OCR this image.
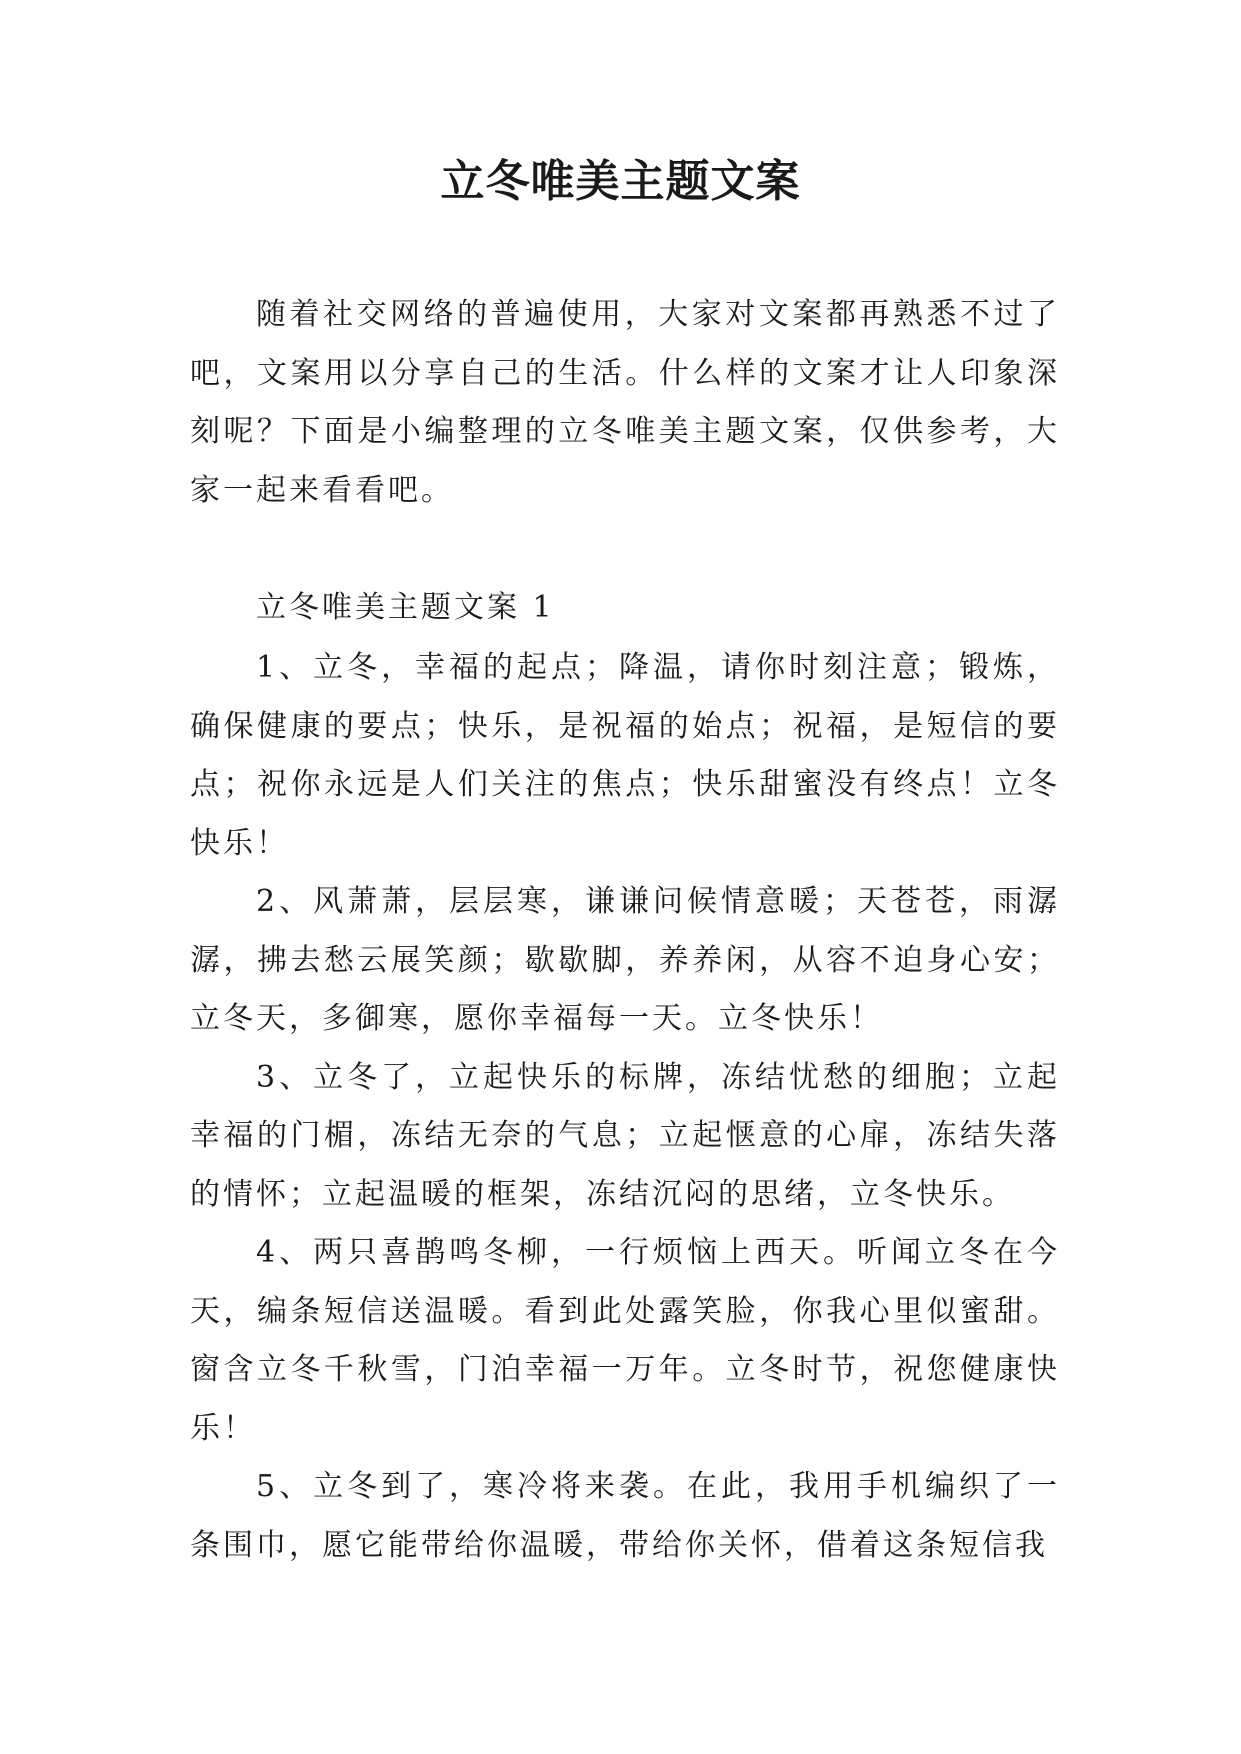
立冬唯美主题文案

随着社交网络的普遍使用，大家对文案都再熟悉不过了吧，文案用以分享自己的生活。什么样的文案才让人印象深刻呢？下面是小编整理的立冬唯美主题文案，仅供参考，大家一起来看看吧。

立冬唯美主题文案 1

1、立冬，幸福的起点；降温，请你时刻注意；锻炼，确保健康的要点；快乐，是祝福的始点；祝福，是短信的要点；祝你永远是人们关注的焦点；快乐甜蜜没有终点！立冬快乐！

2、风萧萧，层层寒，谦谦问候情意暖；天苍苍，雨潺潺，拂去愁云展笑颜；歇歇脚，养养闲，从容不迫身心安；立冬天，多御寒，愿你幸福每一天。立冬快乐！

3、立冬了，立起快乐的标牌，冻结忧愁的细胞；立起幸福的门楣，冻结无奈的气息；立起惬意的心扉，冻结失落的情怀；立起温暖的框架，冻结沉闷的思绪，立冬快乐。

4、两只喜鹊鸣冬柳，一行烦恼上西天。听闻立冬在今天，编条短信送温暖。看到此处露笑脸，你我心里似蜜甜。窗含立冬千秋雪，门泊幸福一万年。立冬时节，祝您健康快乐！

5、立冬到了，寒冷将来袭。在此，我用手机编织了一条围巾，愿它能带给你温暖，带给你关怀，借着这条短信我
